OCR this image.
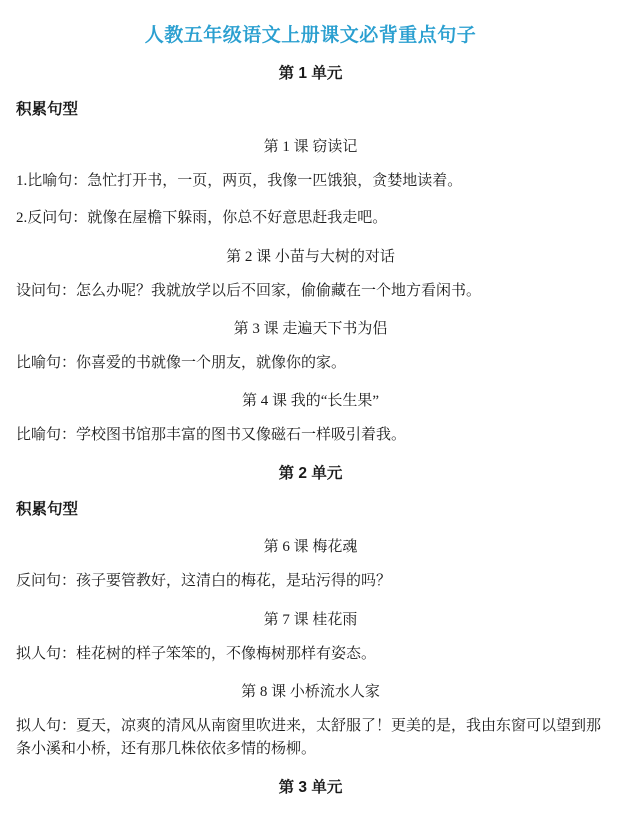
人教五年级语文上册课文必背重点句子
第 1 单元
积累句型
第 1 课 窃读记
1.比喻句：急忙打开书，一页，两页，我像一匹饿狼，贪婪地读着。
2.反问句：就像在屋檐下躲雨，你总不好意思赶我走吧。
第 2 课 小苗与大树的对话
设问句：怎么办呢？我就放学以后不回家，偷偷藏在一个地方看闲书。
第 3 课 走遍天下书为侣
比喻句：你喜爱的书就像一个朋友，就像你的家。
第 4 课 我的“长生果”
比喻句：学校图书馆那丰富的图书又像磁石一样吸引着我。
第 2 单元
积累句型
第 6 课 梅花魂
反问句：孩子要管教好，这清白的梅花，是玷污得的吗？
第 7 课 桂花雨
拟人句：桂花树的样子笨笨的，不像梅树那样有姿态。
第 8 课 小桥流水人家
拟人句：夏天，凉爽的清风从南窗里吹进来，太舒服了！更美的是，我由东窗可以望到那条小溪和小桥，还有那几株依依多情的杨柳。
第 3 单元
